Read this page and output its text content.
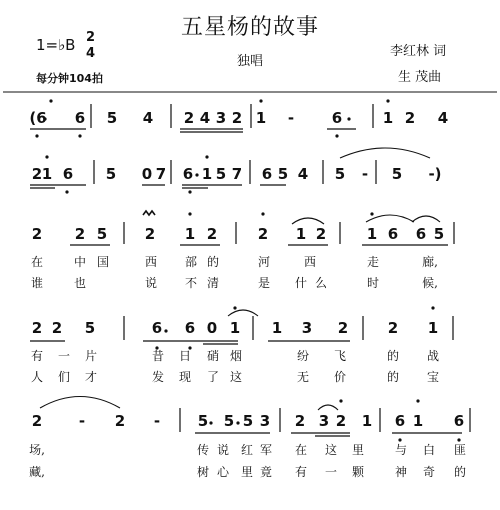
五星杨的故事
独唱
1=♭B 2
4
每分钟104拍
李红林 词
生 茂曲
(6 6 5 4 2 4 3 2 1 -	6	1 2 4
2 1 6 5 0 7 6 1 5 7 6 5 4 5 - 5	-)
2 2 5	2 1 2	2 1 2	1 6 6 5
在	中 国	西	部 的	河	西	走	廊,
谁	也	说	不 清	是	什 么	时	候,
2 2 5	6 6 0 1 1 3 2	2 1
有	一	片	昔	日	硝 烟	纷	飞	的	战
人	们	才	发	现	了 这	无	价	的	宝
2 - 2 -	5 5 5 3 2 3 2 1 6 1 6
场,	传 说 红 军	在	这	里	与	白	匪
藏,	树 心 里 竟	有	一	颗	神	奇	的
